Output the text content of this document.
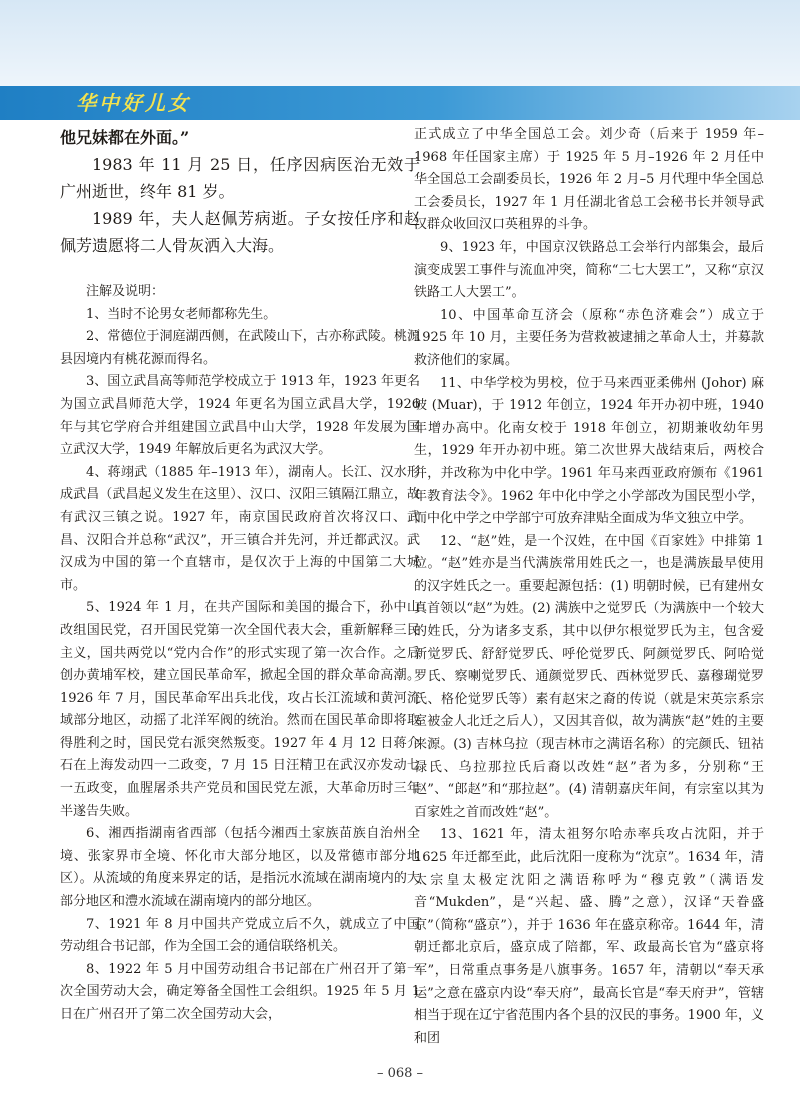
华中好儿女

他兄妹都在外面。”

1983 年 11 月 25 日，任序因病医治无效于广州逝世，终年 81 岁。

1989 年，夫人赵佩芳病逝。子女按任序和赵佩芳遗愿将二人骨灰洒入大海。

注解及说明：

1、当时不论男女老师都称先生。

2、常德位于洞庭湖西侧，在武陵山下，古亦称武陵。桃源县因境内有桃花源而得名。

3、国立武昌高等师范学校成立于 1913 年，1923 年更名为国立武昌师范大学，1924 年更名为国立武昌大学，1926 年与其它学府合并组建国立武昌中山大学，1928 年发展为国立武汉大学，1949 年解放后更名为武汉大学。

4、蒋翊武（1885 年–1913 年），湖南人。长江、汉水形成武昌（武昌起义发生在这里）、汉口、汉阳三镇隔江鼎立，故有武汉三镇之说。1927 年，南京国民政府首次将汉口、武昌、汉阳合并总称“武汉”，开三镇合并先河，并迁都武汉。武汉成为中国的第一个直辖市，是仅次于上海的中国第二大城市。

5、1924 年 1 月，在共产国际和美国的撮合下，孙中山改组国民党，召开国民党第一次全国代表大会，重新解释三民主义，国共两党以“党内合作”的形式实现了第一次合作。之后创办黄埔军校，建立国民革命军，掀起全国的群众革命高潮。1926 年 7 月，国民革命军出兵北伐，攻占长江流域和黄河流域部分地区，动摇了北洋军阀的统治。然而在国民革命即将取得胜利之时，国民党右派突然叛变。1927 年 4 月 12 日蒋介石在上海发动四一二政变，7 月 15 日汪精卫在武汉亦发动七一五政变，血腥屠杀共产党员和国民党左派，大革命历时三年半遂告失败。

6、湘西指湖南省西部（包括今湘西土家族苗族自治州全境、张家界市全境、怀化市大部分地区，以及常德市部分地区）。从流域的角度来界定的话，是指沅水流域在湖南境内的大部分地区和澧水流域在湖南境内的部分地区。

7、1921 年 8 月中国共产党成立后不久，就成立了中国劳动组合书记部，作为全国工会的通信联络机关。

8、1922 年 5 月中国劳动组合书记部在广州召开了第一次全国劳动大会，确定筹备全国性工会组织。1925 年 5 月 1 日在广州召开了第二次全国劳动大会，

正式成立了中华全国总工会。刘少奇（后来于 1959 年–1968 年任国家主席）于 1925 年 5 月–1926 年 2 月任中华全国总工会副委员长，1926 年 2 月–5 月代理中华全国总工会委员长，1927 年 1 月任湖北省总工会秘书长并领导武汉群众收回汉口英租界的斗争。

9、1923 年，中国京汉铁路总工会举行内部集会，最后演变成罢工事件与流血冲突，简称“二七大罢工”，又称“京汉铁路工人大罢工”。

10、中国革命互济会（原称“赤色济难会”）成立于 1925 年 10 月，主要任务为营救被逮捕之革命人士，并募款救济他们的家属。

11、中华学校为男校，位于马来西亚柔佛州 (Johor) 麻坡 (Muar)，于 1912 年创立，1924 年开办初中班，1940 年增办高中。化南女校于 1918 年创立，初期兼收幼年男生，1929 年开办初中班。第二次世界大战结束后，两校合并，并改称为中化中学。1961 年马来西亚政府颁布《1961 年教育法令》。1962 年中化中学之小学部改为国民型小学，而中化中学之中学部宁可放弃津贴全面成为华文独立中学。

12、“赵”姓，是一个汉姓，在中国《百家姓》中排第 1 位。“赵”姓亦是当代满族常用姓氏之一，也是满族最早使用的汉字姓氏之一。重要起源包括：(1) 明朝时候，已有建州女真首领以“赵”为姓。(2) 满族中之觉罗氏（为满族中一个较大的姓氏，分为诸多支系，其中以伊尔根觉罗氏为主，包含爱新觉罗氏、舒舒觉罗氏、呼伦觉罗氏、阿颜觉罗氏、阿哈觉罗氏、察喇觉罗氏、通颜觉罗氏、西林觉罗氏、嘉穆瑚觉罗氏、格伦觉罗氏等）素有赵宋之裔的传说（就是宋英宗系宗室被金人北迁之后人），又因其音似，故为满族“赵”姓的主要来源。(3) 吉林乌拉（现吉林市之满语名称）的完颜氏、钮祜禄氏、乌拉那拉氏后裔以改姓“赵”者为多，分别称“王赵”、“郎赵”和“那拉赵”。(4) 清朝嘉庆年间，有宗室以其为百家姓之首而改姓“赵”。

13、1621 年，清太祖努尔哈赤率兵攻占沈阳，并于 1625 年迁都至此，此后沈阳一度称为“沈京”。1634 年，清太宗皇太极定沈阳之满语称呼为“穆克敦”（满语发音“Mukden”，是“兴起、盛、腾”之意），汉译“天眷盛京”（简称“盛京”），并于 1636 年在盛京称帝。1644 年，清朝迁都北京后，盛京成了陪都，军、政最高长官为“盛京将军”，日常重点事务是八旗事务。1657 年，清朝以“奉天承运”之意在盛京内设“奉天府”，最高长官是“奉天府尹”，管辖相当于现在辽宁省范围内各个县的汉民的事务。1900 年，义和团

– 068 –
